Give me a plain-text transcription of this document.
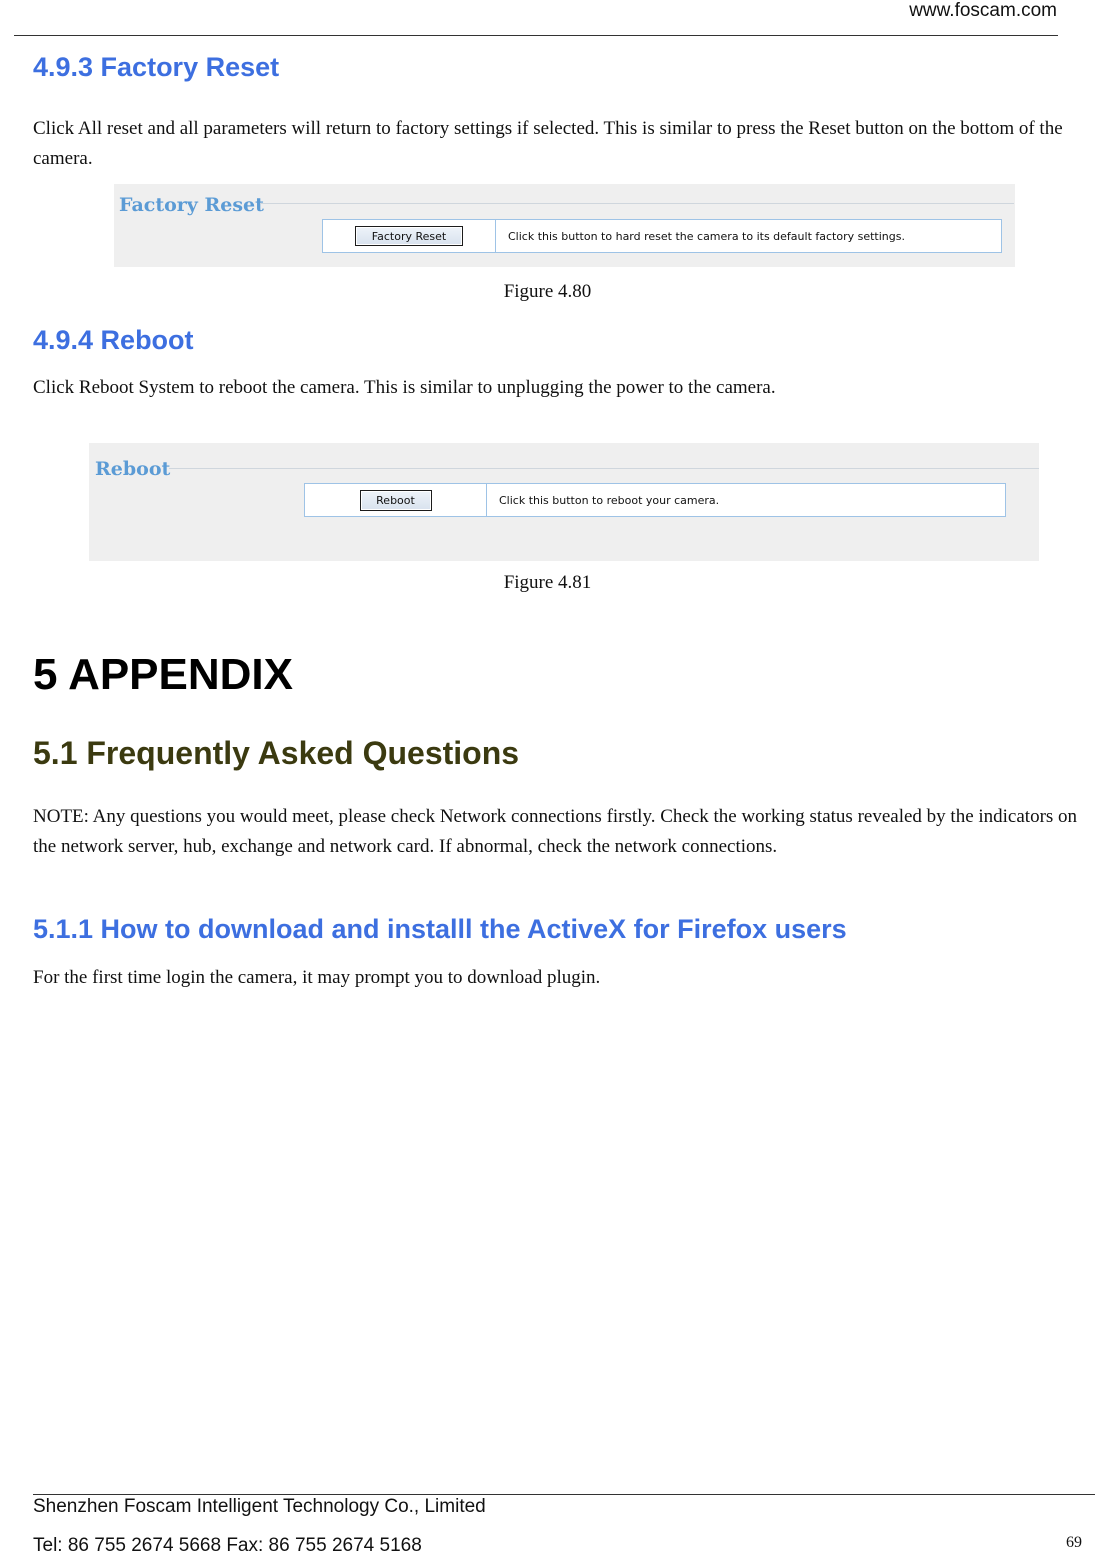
www.foscam.com
4.9.3 Factory Reset

Click All reset and all parameters will return to factory settings if selected. This is similar to press the Reset button on the bottom of the camera.

Factory Reset
Factory Reset	Click this button to hard reset the camera to its default factory settings.

Figure 4.80

4.9.4 Reboot

Click Reboot System to reboot the camera. This is similar to unplugging the power to the camera.

Reboot
Reboot	Click this button to reboot your camera.

Figure 4.81

5 APPENDIX
5.1 Frequently Asked Questions

NOTE: Any questions you would meet, please check Network connections firstly. Check the working status revealed by the indicators on the network server, hub, exchange and network card. If abnormal, check the network connections.

5.1.1 How to download and installl the ActiveX for Firefox users

For the first time login the camera, it may prompt you to download plugin.

Shenzhen Foscam Intelligent Technology Co., Limited
Tel: 86 755 2674 5668 Fax: 86 755 2674 5168	69
